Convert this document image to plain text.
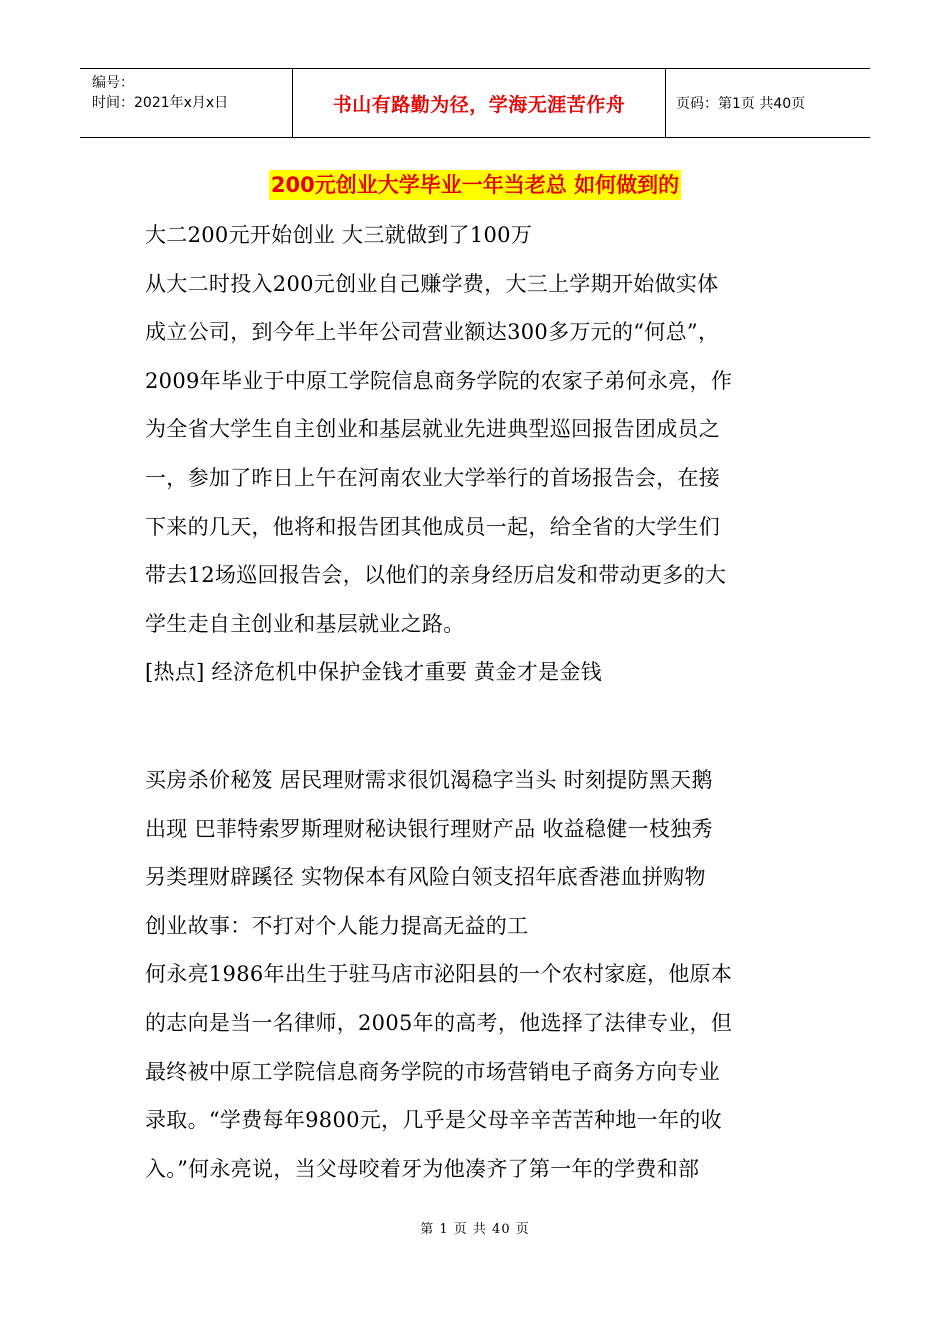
编号：
时间：2021年x月x日	书山有路勤为径，学海无涯苦作舟	页码：第1页 共40页
200元创业大学毕业一年当老总 如何做到的

大二200元开始创业 大三就做到了100万

从大二时投入200元创业自己赚学费，大三上学期开始做实体

成立公司，到今年上半年公司营业额达300多万元的“何总”，

2009年毕业于中原工学院信息商务学院的农家子弟何永亮，作

为全省大学生自主创业和基层就业先进典型巡回报告团成员之

一，参加了昨日上午在河南农业大学举行的首场报告会，在接

下来的几天，他将和报告团其他成员一起，给全省的大学生们

带去12场巡回报告会，以他们的亲身经历启发和带动更多的大

学生走自主创业和基层就业之路。

[热点] 经济危机中保护金钱才重要 黄金才是金钱

买房杀价秘笈 居民理财需求很饥渴稳字当头 时刻提防黑天鹅

出现 巴菲特索罗斯理财秘诀银行理财产品 收益稳健一枝独秀

另类理财辟蹊径 实物保本有风险白领支招年底香港血拼购物

创业故事：不打对个人能力提高无益的工

何永亮1986年出生于驻马店市泌阳县的一个农村家庭，他原本

的志向是当一名律师，2005年的高考，他选择了法律专业，但

最终被中原工学院信息商务学院的市场营销电子商务方向专业

录取。“学费每年9800元，几乎是父母辛辛苦苦种地一年的收

入。”何永亮说，当父母咬着牙为他凑齐了第一年的学费和部

第 1 页 共 40 页
